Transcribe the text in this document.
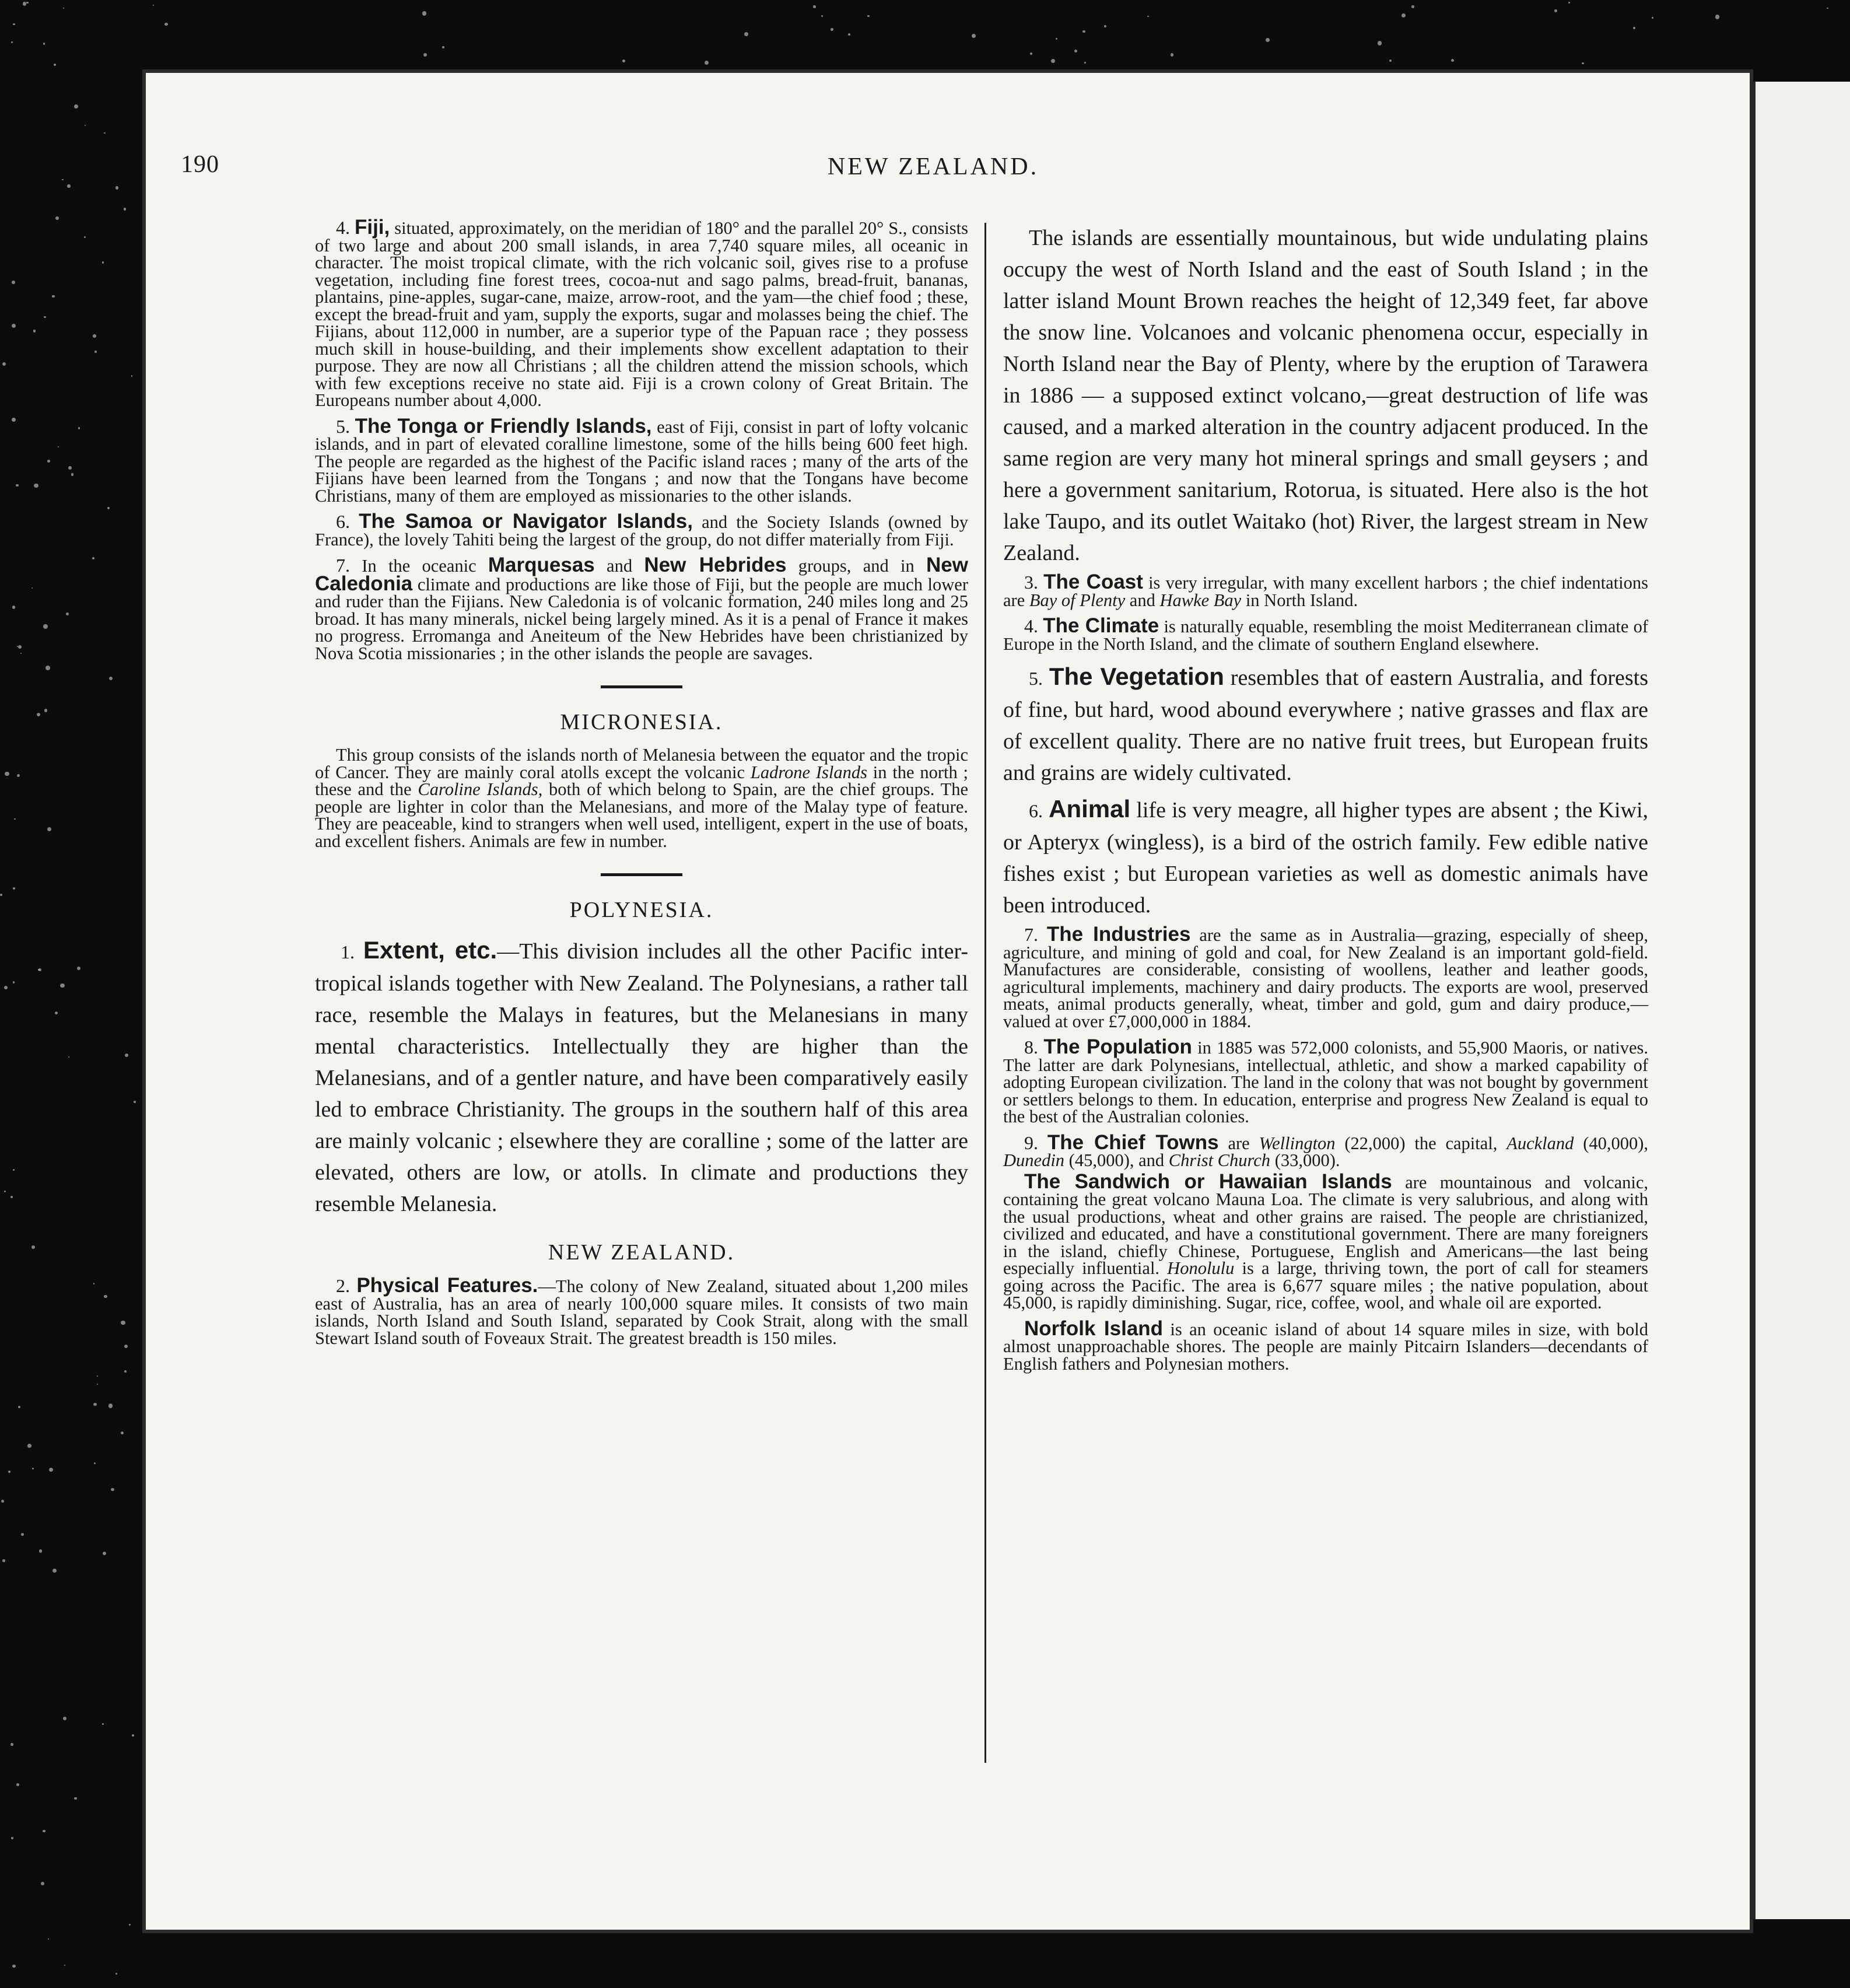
190	NEW ZEALAND.

4. Fiji, situated, approximately, on the meridian of 180° and the parallel 20° S., consists of two large and about 200 small islands, in area 7,740 square miles, all oceanic in character. The moist tropical climate, with the rich volcanic soil, gives rise to a profuse vegetation, including fine forest trees, cocoa-nut and sago palms, bread-fruit, bananas, plantains, pine-apples, sugar-cane, maize, arrow-root, and the yam—the chief food ; these, except the bread-fruit and yam, supply the exports, sugar and molasses being the chief. The Fijians, about 112,000 in number, are a superior type of the Papuan race ; they possess much skill in house-building, and their implements show excellent adaptation to their purpose. They are now all Christians ; all the children attend the mission schools, which with few exceptions receive no state aid. Fiji is a crown colony of Great Britain. The Europeans number about 4,000.

5. The Tonga or Friendly Islands, east of Fiji, consist in part of lofty volcanic islands, and in part of elevated coralline limestone, some of the hills being 600 feet high. The people are regarded as the highest of the Pacific island races ; many of the arts of the Fijians have been learned from the Tongans ; and now that the Tongans have become Christians, many of them are employed as missionaries to the other islands.

6. The Samoa or Navigator Islands, and the Society Islands (owned by France), the lovely Tahiti being the largest of the group, do not differ materially from Fiji.

7. In the oceanic Marquesas and New Hebrides groups, and in New Caledonia climate and productions are like those of Fiji, but the people are much lower and ruder than the Fijians. New Caledonia is of volcanic formation, 240 miles long and 25 broad. It has many minerals, nickel being largely mined. As it is a penal of France it makes no progress. Erromanga and Aneiteum of the New Hebrides have been christianized by Nova Scotia missionaries ; in the other islands the people are savages.

MICRONESIA.

This group consists of the islands north of Melanesia between the equator and the tropic of Cancer. They are mainly coral atolls except the volcanic Ladrone Islands in the north ; these and the Caroline Islands, both of which belong to Spain, are the chief groups. The people are lighter in color than the Melanesians, and more of the Malay type of feature. They are peaceable, kind to strangers when well used, intelligent, expert in the use of boats, and excellent fishers. Animals are few in number.

POLYNESIA.

1. Extent, etc.—This division includes all the other Pacific inter-tropical islands together with New Zealand. The Polynesians, a rather tall race, resemble the Malays in features, but the Melanesians in many mental characteristics. Intellectually they are higher than the Melanesians, and of a gentler nature, and have been comparatively easily led to embrace Christianity. The groups in the southern half of this area are mainly volcanic ; elsewhere they are coralline ; some of the latter are elevated, others are low, or atolls. In climate and productions they resemble Melanesia.

NEW ZEALAND.

2. Physical Features.—The colony of New Zealand, situated about 1,200 miles east of Australia, has an area of nearly 100,000 square miles. It consists of two main islands, North Island and South Island, separated by Cook Strait, along with the small Stewart Island south of Foveaux Strait. The greatest breadth is 150 miles.

The islands are essentially mountainous, but wide undulating plains occupy the west of North Island and the east of South Island ; in the latter island Mount Brown reaches the height of 12,349 feet, far above the snow line. Volcanoes and volcanic phenomena occur, especially in North Island near the Bay of Plenty, where by the eruption of Tarawera in 1886 — a supposed extinct volcano,—great destruction of life was caused, and a marked alteration in the country adjacent produced. In the same region are very many hot mineral springs and small geysers ; and here a government sanitarium, Rotorua, is situated. Here also is the hot lake Taupo, and its outlet Waitako (hot) River, the largest stream in New Zealand.

3. The Coast is very irregular, with many excellent harbors ; the chief indentations are Bay of Plenty and Hawke Bay in North Island.

4. The Climate is naturally equable, resembling the moist Mediterranean climate of Europe in the North Island, and the climate of southern England elsewhere.

5. The Vegetation resembles that of eastern Australia, and forests of fine, but hard, wood abound everywhere ; native grasses and flax are of excellent quality. There are no native fruit trees, but European fruits and grains are widely cultivated.

6. Animal life is very meagre, all higher types are absent ; the Kiwi, or Apteryx (wingless), is a bird of the ostrich family. Few edible native fishes exist ; but European varieties as well as domestic animals have been introduced.

7. The Industries are the same as in Australia—grazing, especially of sheep, agriculture, and mining of gold and coal, for New Zealand is an important gold-field. Manufactures are considerable, consisting of woollens, leather and leather goods, agricultural implements, machinery and dairy products. The exports are wool, preserved meats, animal products generally, wheat, timber and gold, gum and dairy produce,—valued at over £7,000,000 in 1884.

8. The Population in 1885 was 572,000 colonists, and 55,900 Maoris, or natives. The latter are dark Polynesians, intellectual, athletic, and show a marked capability of adopting European civilization. The land in the colony that was not bought by government or settlers belongs to them. In education, enterprise and progress New Zealand is equal to the best of the Australian colonies.

9. The Chief Towns are Wellington (22,000) the capital, Auckland (40,000), Dunedin (45,000), and Christ Church (33,000).

The Sandwich or Hawaiian Islands are mountainous and volcanic, containing the great volcano Mauna Loa. The climate is very salubrious, and along with the usual productions, wheat and other grains are raised. The people are christianized, civilized and educated, and have a constitutional government. There are many foreigners in the island, chiefly Chinese, Portuguese, English and Americans—the last being especially influential. Honolulu is a large, thriving town, the port of call for steamers going across the Pacific. The area is 6,677 square miles ; the native population, about 45,000, is rapidly diminishing. Sugar, rice, coffee, wool, and whale oil are exported.

Norfolk Island is an oceanic island of about 14 square miles in size, with bold almost unapproachable shores. The people are mainly Pitcairn Islanders—decendants of English fathers and Polynesian mothers.
